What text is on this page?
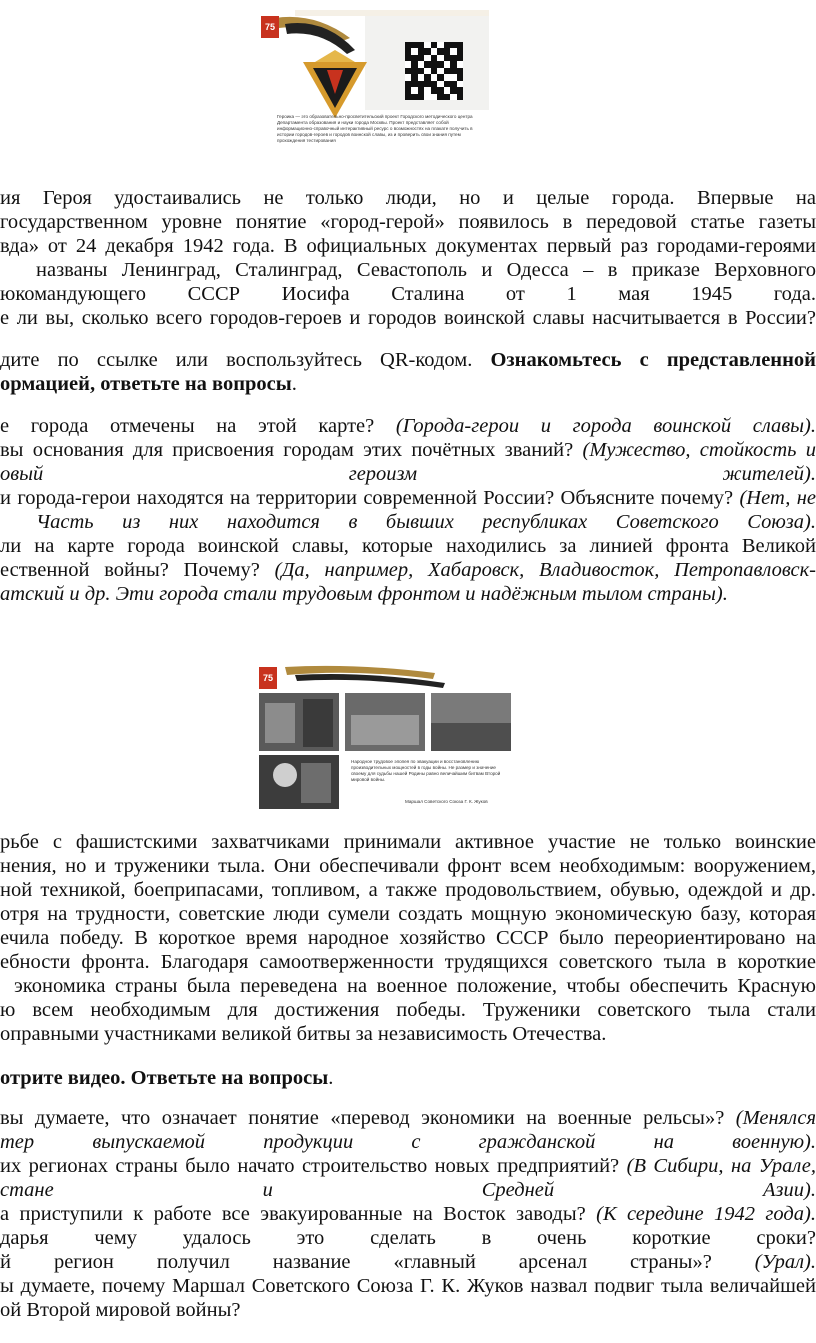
75
Героика — это образовательно-просветительский проект Городского методического центра Департамента образования и науки города Москвы. Проект представляет собой информационно-справочный интерактивный ресурс о возможностях на плакате получить в истории городов-героев и городов воинской славы, из и проверить свои знания путем прохождения тестирования

ия Героя удостаивались не только люди, но и целые города. Впервые на

государственном уровне понятие «город-герой» появилось в передовой статье газеты

вда» от 24 декабря 1942 года. В официальных документах первый раз городами-героями

названы Ленинград, Сталинград, Севастополь и Одесса – в приказе Верховного

юкомандующего СССР Иосифа Сталина от 1 мая 1945 года.

е ли вы, сколько всего городов-героев и городов воинской славы насчитывается в России?

дите по ссылке или воспользуйтесь QR-кодом. Ознакомьтесь с представленной

ормацией, ответьте на вопросы.

е города отмечены на этой карте? (Города-герои и города воинской славы).

вы основания для присвоения городам этих почётных званий? (Мужество, стойкость и

овый героизм жителей).

и города-герои находятся на территории современной России? Объясните почему? (Нет, не

Часть из них находится в бывших республиках Советского Союза).

ли на карте города воинской славы, которые находились за линией фронта Великой

ественной войны? Почему? (Да, например, Хабаровск, Владивосток, Петропавловск-

атский и др. Эти города стали трудовым фронтом и надёжным тылом страны).

75
Народное трудовое эпопея по эвакуации и восстановлению производительных мощностей в годы войны. Не размер и значение своему для судьбы нашей Родины равно величайшим битвам Второй мировой войны.
Маршал Советского Союза Г. К. Жуков

рьбе с фашистскими захватчиками принимали активное участие не только воинские

нения, но и труженики тыла. Они обеспечивали фронт всем необходимым: вооружением,

ной техникой, боеприпасами, топливом, а также продовольствием, обувью, одеждой и др.

отря на трудности, советские люди сумели создать мощную экономическую базу, которая

ечила победу. В короткое время народное хозяйство СССР было переориентировано на

ебности фронта. Благодаря самоотверженности трудящихся советского тыла в короткие

экономика страны была переведена на военное положение, чтобы обеспечить Красную

ю всем необходимым для достижения победы. Труженики советского тыла стали

оправными участниками великой битвы за независимость Отечества.

отрите видео. Ответьте на вопросы.

вы думаете, что означает понятие «перевод экономики на военные рельсы»? (Менялся

тер выпускаемой продукции с гражданской на военную).

их регионах страны было начато строительство новых предприятий? (В Сибири, на Урале,

стане и Средней Азии).

а приступили к работе все эвакуированные на Восток заводы? (К середине 1942 года).

дарья чему удалось это сделать в очень короткие сроки?

й регион получил название «главный арсенал страны»? (Урал).

ы думаете, почему Маршал Советского Союза Г. К. Жуков назвал подвиг тыла величайшей

ой Второй мировой войны?
